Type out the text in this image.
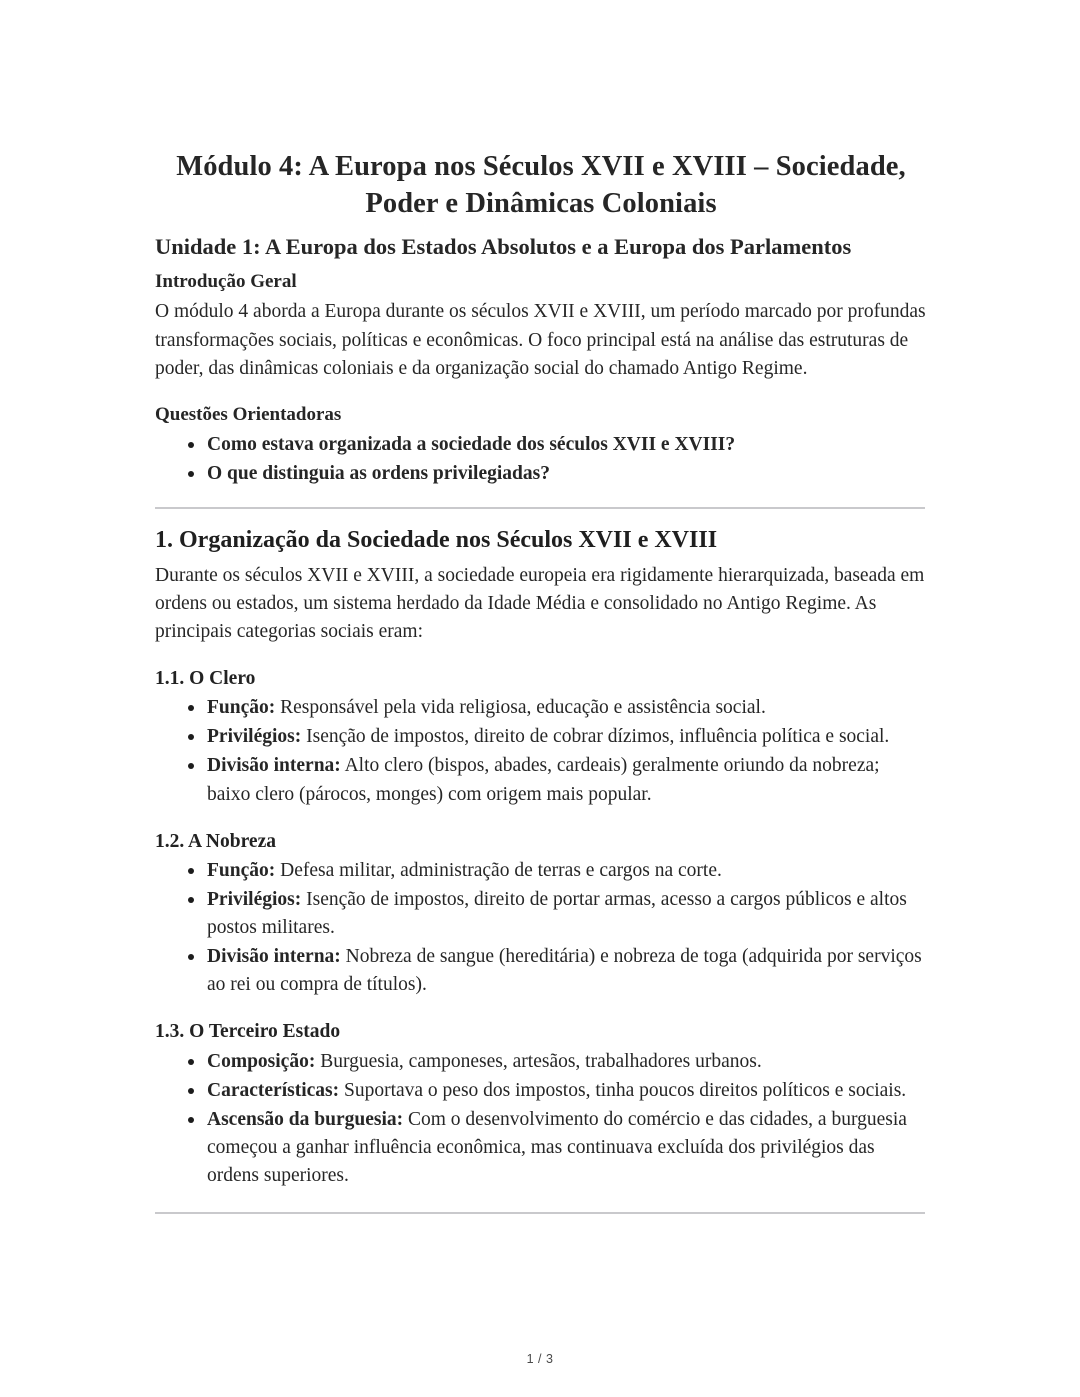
Módulo 4: A Europa nos Séculos XVII e XVIII – Sociedade, Poder e Dinâmicas Coloniais
Unidade 1: A Europa dos Estados Absolutos e a Europa dos Parlamentos
Introdução Geral

O módulo 4 aborda a Europa durante os séculos XVII e XVIII, um período marcado por profundas transformações sociais, políticas e econômicas. O foco principal está na análise das estruturas de poder, das dinâmicas coloniais e da organização social do chamado Antigo Regime.

Questões Orientadoras
Como estava organizada a sociedade dos séculos XVII e XVIII?
O que distinguia as ordens privilegiadas?
1. Organização da Sociedade nos Séculos XVII e XVIII

Durante os séculos XVII e XVIII, a sociedade europeia era rigidamente hierarquizada, baseada em ordens ou estados, um sistema herdado da Idade Média e consolidado no Antigo Regime. As principais categorias sociais eram:

1.1. O Clero
Função: Responsável pela vida religiosa, educação e assistência social.
Privilégios: Isenção de impostos, direito de cobrar dízimos, influência política e social.
Divisão interna: Alto clero (bispos, abades, cardeais) geralmente oriundo da nobreza; baixo clero (párocos, monges) com origem mais popular.
1.2. A Nobreza
Função: Defesa militar, administração de terras e cargos na corte.
Privilégios: Isenção de impostos, direito de portar armas, acesso a cargos públicos e altos postos militares.
Divisão interna: Nobreza de sangue (hereditária) e nobreza de toga (adquirida por serviços ao rei ou compra de títulos).
1.3. O Terceiro Estado
Composição: Burguesia, camponeses, artesãos, trabalhadores urbanos.
Características: Suportava o peso dos impostos, tinha poucos direitos políticos e sociais.
Ascensão da burguesia: Com o desenvolvimento do comércio e das cidades, a burguesia começou a ganhar influência econômica, mas continuava excluída dos privilégios das ordens superiores.
1 / 3
